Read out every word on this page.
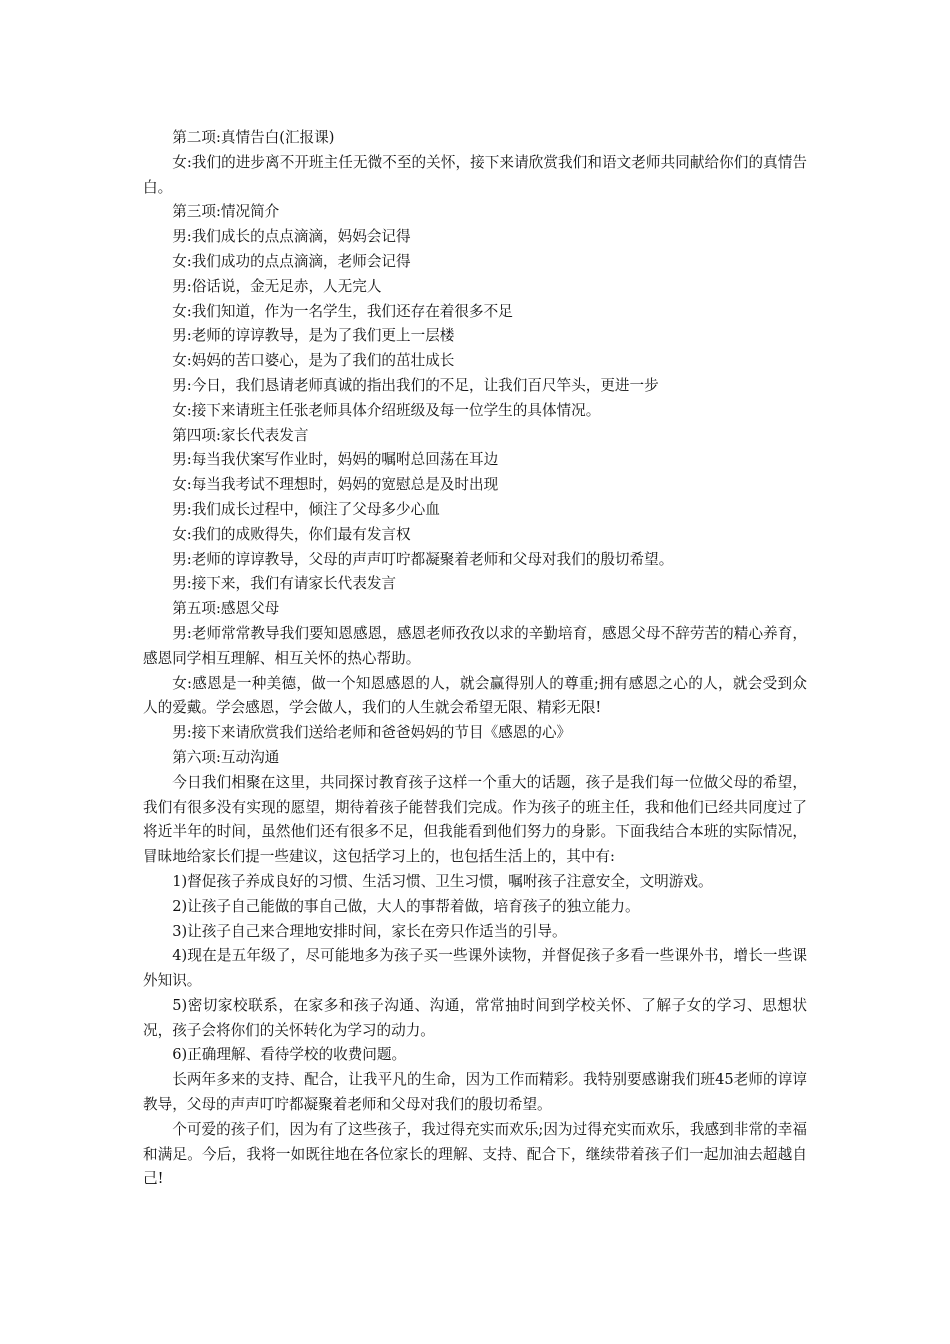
第二项:真情告白(汇报课)

女:我们的进步离不开班主任无微不至的关怀，接下来请欣赏我们和语文老师共同献给你们的真情告白。

第三项:情况简介

男:我们成长的点点滴滴，妈妈会记得

女:我们成功的点点滴滴，老师会记得

男:俗话说，金无足赤，人无完人

女:我们知道，作为一名学生，我们还存在着很多不足

男:老师的谆谆教导，是为了我们更上一层楼

女:妈妈的苦口婆心，是为了我们的茁壮成长

男:今日，我们恳请老师真诚的指出我们的不足，让我们百尺竿头，更进一步

女:接下来请班主任张老师具体介绍班级及每一位学生的具体情况。

第四项:家长代表发言

男:每当我伏案写作业时，妈妈的嘱咐总回荡在耳边

女:每当我考试不理想时，妈妈的宽慰总是及时出现

男:我们成长过程中，倾注了父母多少心血

女:我们的成败得失，你们最有发言权

男:老师的谆谆教导，父母的声声叮咛都凝聚着老师和父母对我们的殷切希望。

男:接下来，我们有请家长代表发言

第五项:感恩父母

男:老师常常教导我们要知恩感恩，感恩老师孜孜以求的辛勤培育，感恩父母不辞劳苦的精心养育，感恩同学相互理解、相互关怀的热心帮助。

女:感恩是一种美德，做一个知恩感恩的人，就会赢得别人的尊重;拥有感恩之心的人，就会受到众人的爱戴。学会感恩，学会做人，我们的人生就会希望无限、精彩无限!

男:接下来请欣赏我们送给老师和爸爸妈妈的节目《感恩的心》

第六项:互动沟通

今日我们相聚在这里，共同探讨教育孩子这样一个重大的话题，孩子是我们每一位做父母的希望，我们有很多没有实现的愿望，期待着孩子能替我们完成。作为孩子的班主任，我和他们已经共同度过了将近半年的时间，虽然他们还有很多不足，但我能看到他们努力的身影。下面我结合本班的实际情况，冒昧地给家长们提一些建议，这包括学习上的，也包括生活上的，其中有:

1)督促孩子养成良好的习惯、生活习惯、卫生习惯，嘱咐孩子注意安全，文明游戏。

2)让孩子自己能做的事自己做，大人的事帮着做，培育孩子的独立能力。

3)让孩子自己来合理地安排时间，家长在旁只作适当的引导。

4)现在是五年级了，尽可能地多为孩子买一些课外读物，并督促孩子多看一些课外书，增长一些课外知识。

5)密切家校联系，在家多和孩子沟通、沟通，常常抽时间到学校关怀、了解子女的学习、思想状况，孩子会将你们的关怀转化为学习的动力。

6)正确理解、看待学校的收费问题。

长两年多来的支持、配合，让我平凡的生命，因为工作而精彩。我特别要感谢我们班45老师的谆谆教导，父母的声声叮咛都凝聚着老师和父母对我们的殷切希望。

个可爱的孩子们，因为有了这些孩子，我过得充实而欢乐;因为过得充实而欢乐，我感到非常的幸福和满足。今后，我将一如既往地在各位家长的理解、支持、配合下，继续带着孩子们一起加油去超越自己!
